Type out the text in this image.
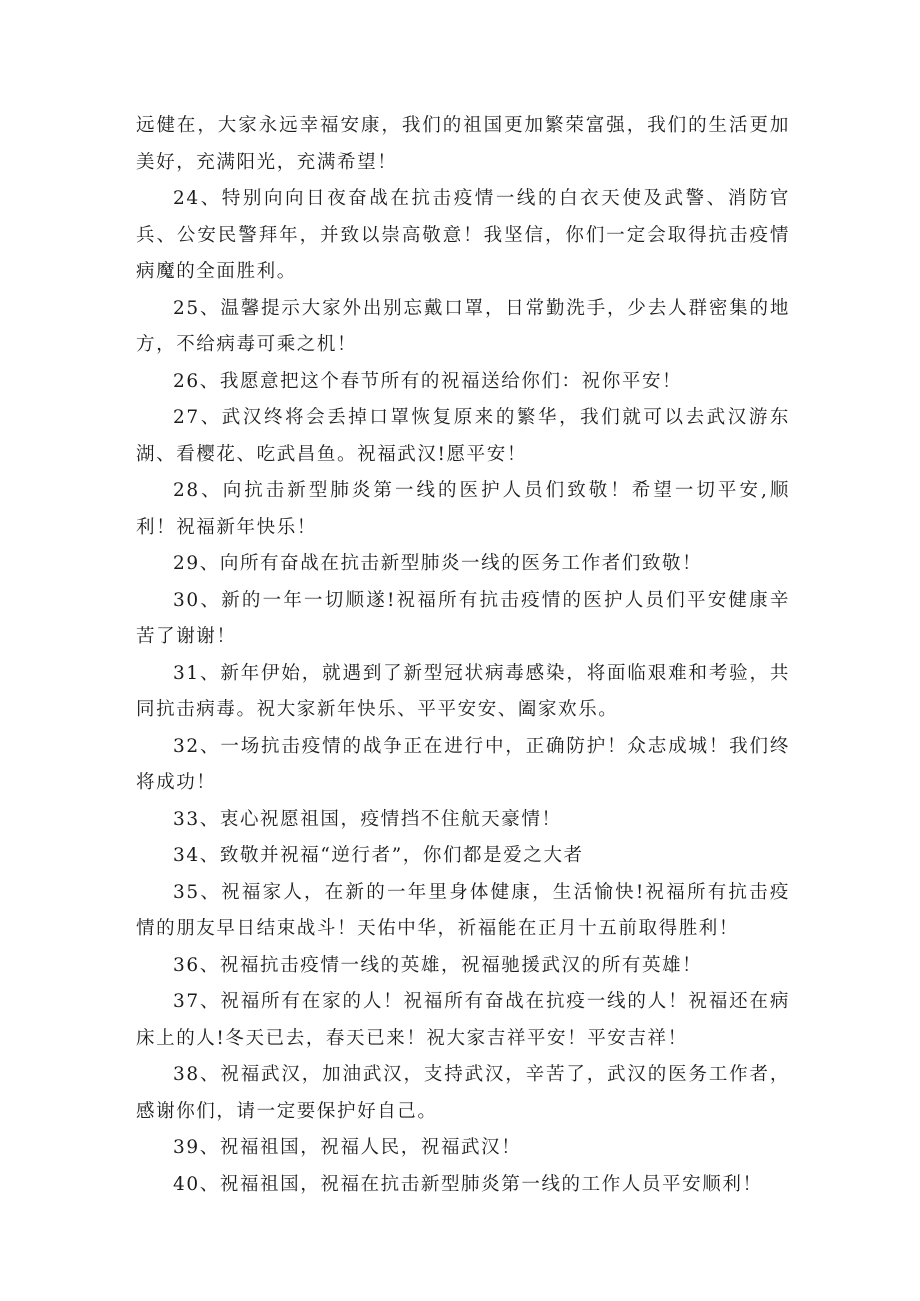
远健在，大家永远幸福安康，我们的祖国更加繁荣富强，我们的生活更加美好，充满阳光，充满希望！

24、特别向向日夜奋战在抗击疫情一线的白衣天使及武警、消防官兵、公安民警拜年，并致以崇高敬意！我坚信，你们一定会取得抗击疫情病魔的全面胜利。

25、温馨提示大家外出别忘戴口罩，日常勤洗手，少去人群密集的地方，不给病毒可乘之机！

26、我愿意把这个春节所有的祝福送给你们：祝你平安！

27、武汉终将会丢掉口罩恢复原来的繁华，我们就可以去武汉游东湖、看樱花、吃武昌鱼。祝福武汉!愿平安！

28、向抗击新型肺炎第一线的医护人员们致敬！希望一切平安,顺利！祝福新年快乐！

29、向所有奋战在抗击新型肺炎一线的医务工作者们致敬！

30、新的一年一切顺遂!祝福所有抗击疫情的医护人员们平安健康辛苦了谢谢！

31、新年伊始，就遇到了新型冠状病毒感染，将面临艰难和考验，共同抗击病毒。祝大家新年快乐、平平安安、阖家欢乐。

32、一场抗击疫情的战争正在进行中，正确防护！众志成城！我们终将成功！

33、衷心祝愿祖国，疫情挡不住航天豪情！

34、致敬并祝福“逆行者”，你们都是爱之大者

35、祝福家人，在新的一年里身体健康，生活愉快!祝福所有抗击疫情的朋友早日结束战斗！天佑中华，祈福能在正月十五前取得胜利！

36、祝福抗击疫情一线的英雄，祝福驰援武汉的所有英雄！

37、祝福所有在家的人！祝福所有奋战在抗疫一线的人！祝福还在病床上的人!冬天已去，春天已来！祝大家吉祥平安！平安吉祥！

38、祝福武汉，加油武汉，支持武汉，辛苦了，武汉的医务工作者，感谢你们，请一定要保护好自己。

39、祝福祖国，祝福人民，祝福武汉！

40、祝福祖国，祝福在抗击新型肺炎第一线的工作人员平安顺利！
